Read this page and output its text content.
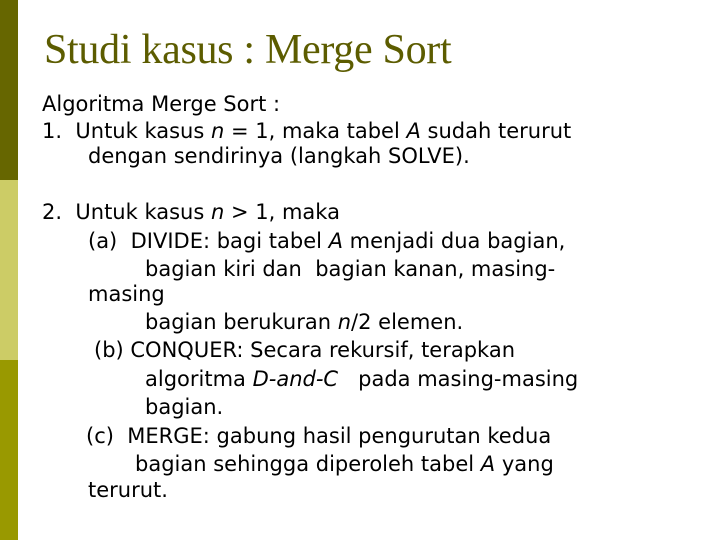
Studi kasus : Merge Sort
Algoritma Merge Sort :
1.  Untuk kasus n = 1, maka tabel A sudah terurut
dengan sendirinya (langkah SOLVE).
2.  Untuk kasus n > 1, maka
(a)  DIVIDE: bagi tabel A menjadi dua bagian,
bagian kiri dan  bagian kanan, masing-
masing
bagian berukuran n/2 elemen.
(b) CONQUER: Secara rekursif, terapkan
algoritma D-and-C   pada masing-masing
bagian.
(c)  MERGE: gabung hasil pengurutan kedua
bagian sehingga diperoleh tabel A yang
terurut.
